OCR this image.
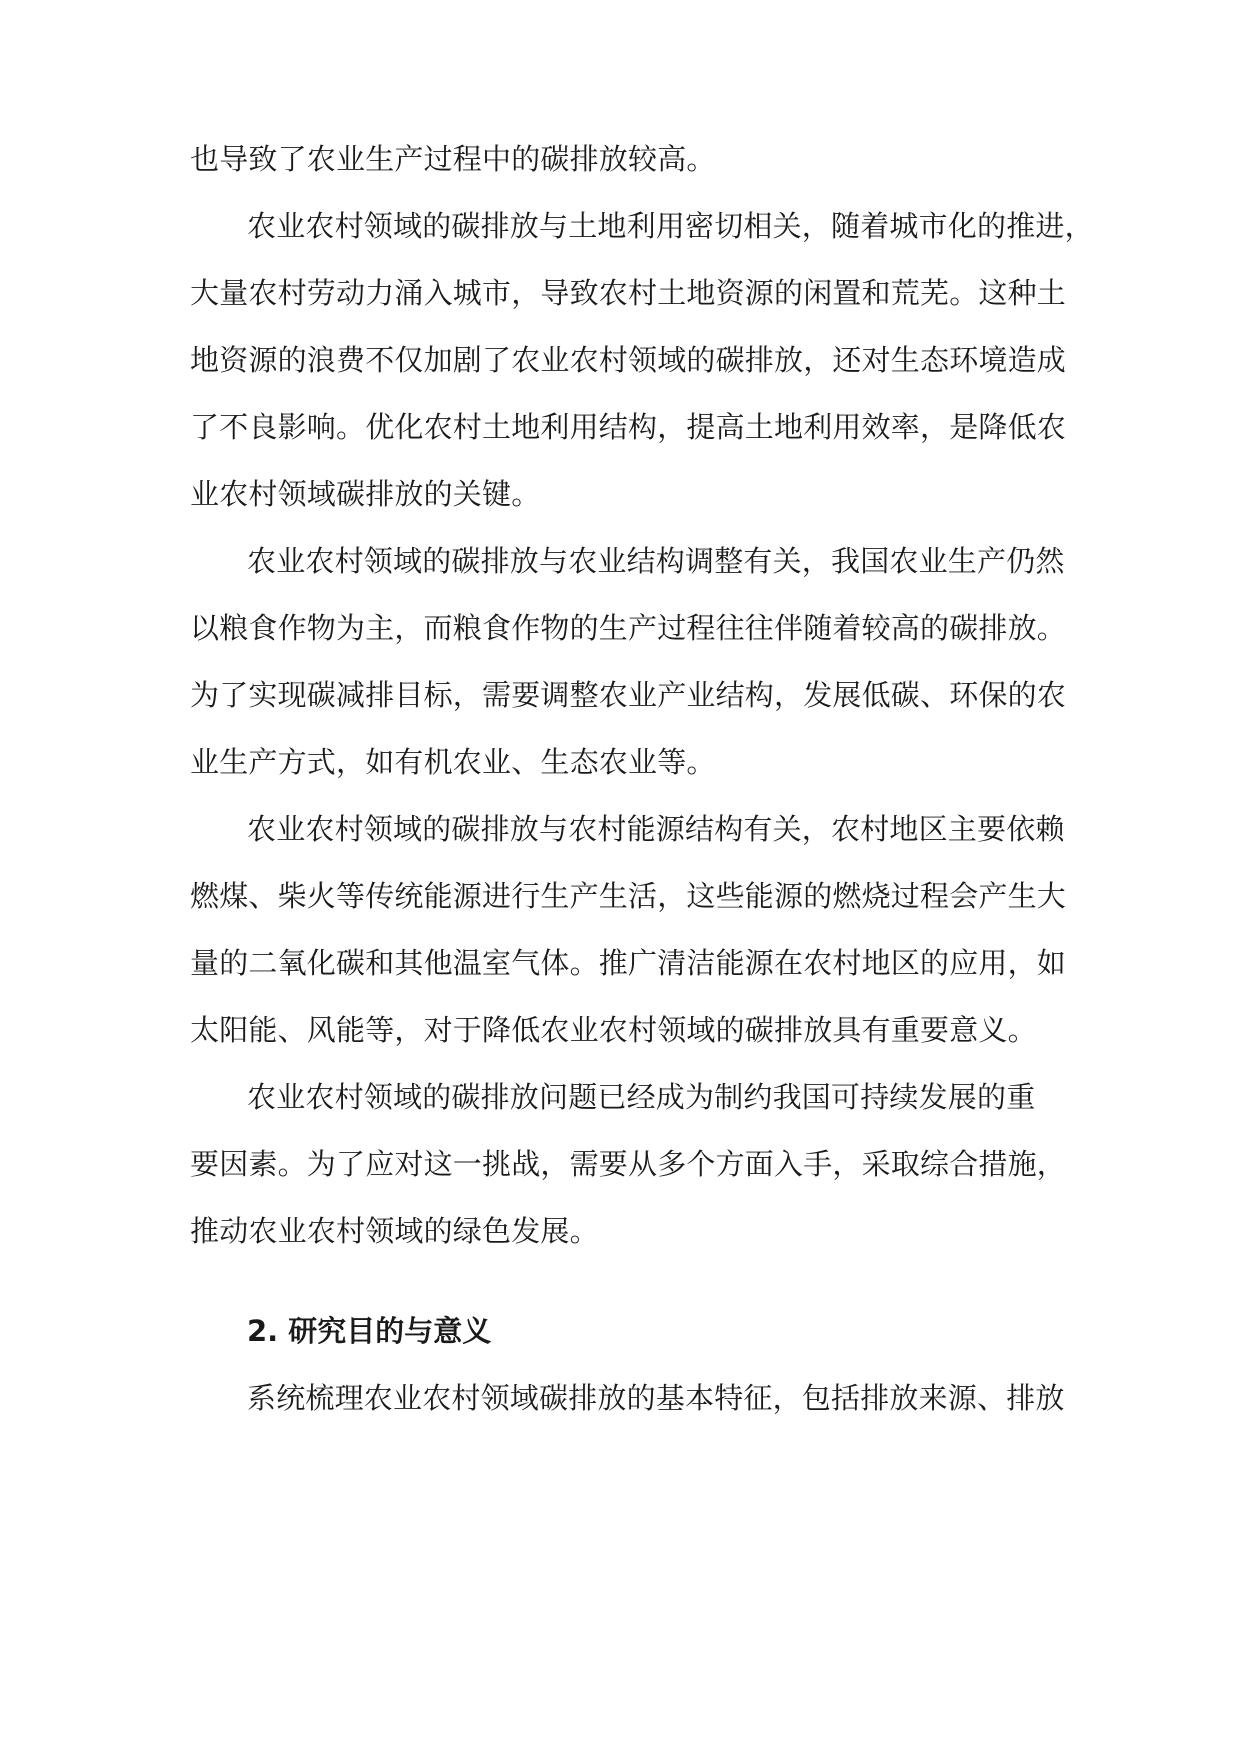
也导致了农业生产过程中的碳排放较高。
农业农村领域的碳排放与土地利用密切相关，随着城市化的推进，
大量农村劳动力涌入城市，导致农村土地资源的闲置和荒芜。这种土
地资源的浪费不仅加剧了农业农村领域的碳排放，还对生态环境造成
了不良影响。优化农村土地利用结构，提高土地利用效率，是降低农
业农村领域碳排放的关键。
农业农村领域的碳排放与农业结构调整有关，我国农业生产仍然
以粮食作物为主，而粮食作物的生产过程往往伴随着较高的碳排放。
为了实现碳减排目标，需要调整农业产业结构，发展低碳、环保的农
业生产方式，如有机农业、生态农业等。
农业农村领域的碳排放与农村能源结构有关，农村地区主要依赖
燃煤、柴火等传统能源进行生产生活，这些能源的燃烧过程会产生大
量的二氧化碳和其他温室气体。推广清洁能源在农村地区的应用，如
太阳能、风能等，对于降低农业农村领域的碳排放具有重要意义。
农业农村领域的碳排放问题已经成为制约我国可持续发展的重
要因素。为了应对这一挑战，需要从多个方面入手，采取综合措施，
推动农业农村领域的绿色发展。
2. 研究目的与意义
系统梳理农业农村领域碳排放的基本特征，包括排放来源、排放
